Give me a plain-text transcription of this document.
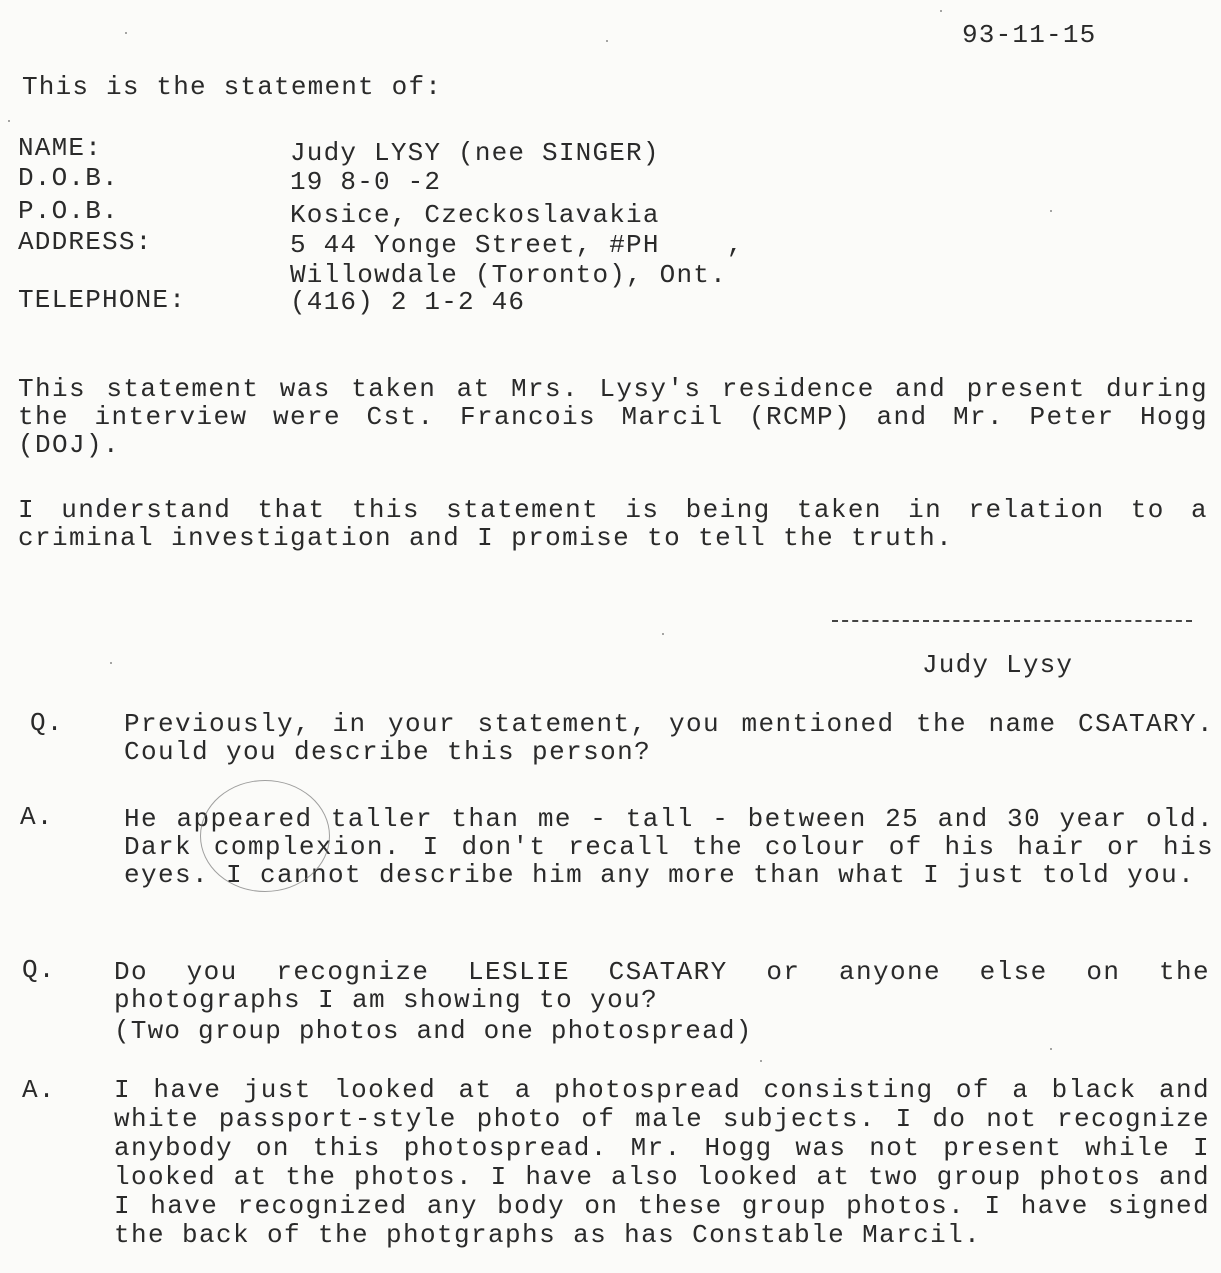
93-11-15
This is the statement of:
NAME:	Judy LYSY (nee SINGER)
D.O.B.	19 8-0 -2
P.O.B.	Kosice, Czeckoslavakia
ADDRESS:	5 44 Yonge Street, #PH    ,
Willowdale (Toronto), Ont.
TELEPHONE:	(416) 2 1-2 46
This statement was taken at Mrs. Lysy's residence and present during the interview were Cst. Francois Marcil (RCMP) and Mr. Peter Hogg (DOJ).
I understand that this statement is being taken in relation to a criminal investigation and I promise to tell the truth.
Judy Lysy
Q. Previously, in your statement, you mentioned the name CSATARY. Could you describe this person?
A.	He appeared taller than me - tall - between 25 and 30 year old. Dark complexion. I don't recall the colour of his hair or his eyes. I cannot describe him any more than what I just told you.
Q. Do you recognize LESLIE CSATARY or anyone else on the photographs I am showing to you?
(Two group photos and one photospread)
A. I have just looked at a photospread consisting of a black and white passport-style photo of male subjects. I do not recognize anybody on this photospread. Mr. Hogg was not present while I looked at the photos. I have also looked at two group photos and I have recognized any body on these group photos. I have signed the back of the photgraphs as has Constable Marcil.
